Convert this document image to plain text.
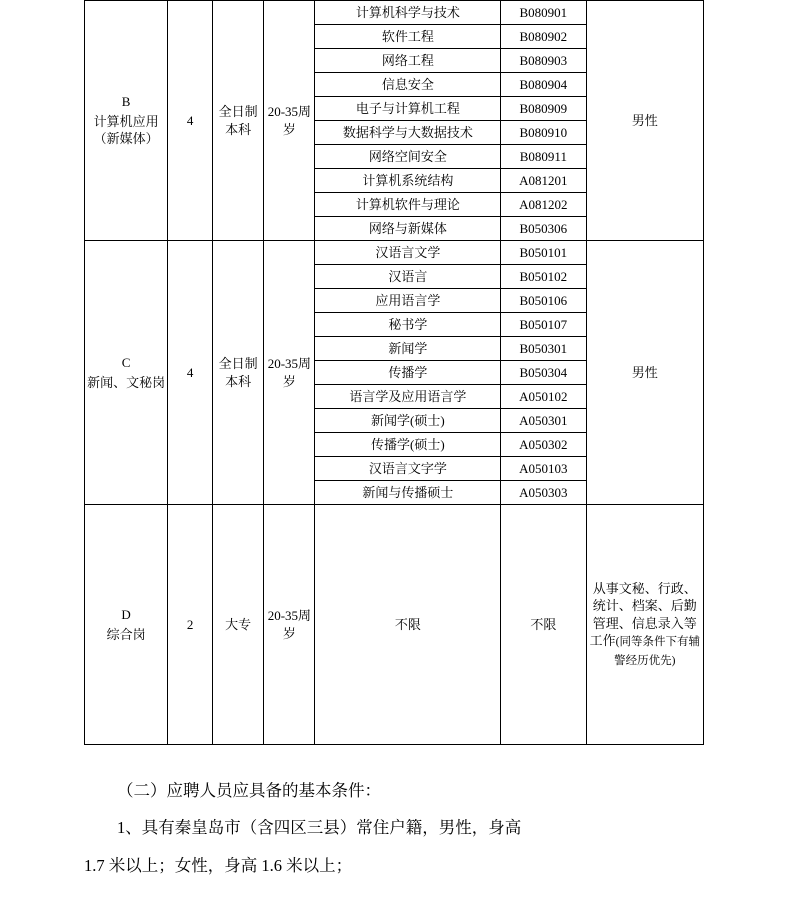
B
计算机应用（新媒体）	4	全日制本科	20-35周岁	计算机科学与技术	B080901	男性
				软件工程	B080902	
				网络工程	B080903	
				信息安全	B080904	
				电子与计算机工程	B080909	
				数据科学与大数据技术	B080910	
				网络空间安全	B080911	
				计算机系统结构	A081201	
				计算机软件与理论	A081202	
				网络与新媒体	B050306	

C
新闻、文秘岗	4	全日制本科	20-35周岁	汉语言文学	B050101	男性
				汉语言	B050102	
				应用语言学	B050106	
				秘书学	B050107	
				新闻学	B050301	
				传播学	B050304	
				语言学及应用语言学	A050102	
				新闻学(硕士)	A050301	
				传播学(硕士)	A050302	
				汉语言文字学	A050103	
				新闻与传播硕士	A050303	

D
综合岗	2	大专	20-35周岁	不限	不限	从事文秘、行政、统计、档案、后勤管理、信息录入等工作(同等条件下有辅警经历优先)

（二）应聘人员应具备的基本条件：

1、具有秦皇岛市（含四区三县）常住户籍，男性，身高

1.7 米以上；女性，身高 1.6 米以上；
